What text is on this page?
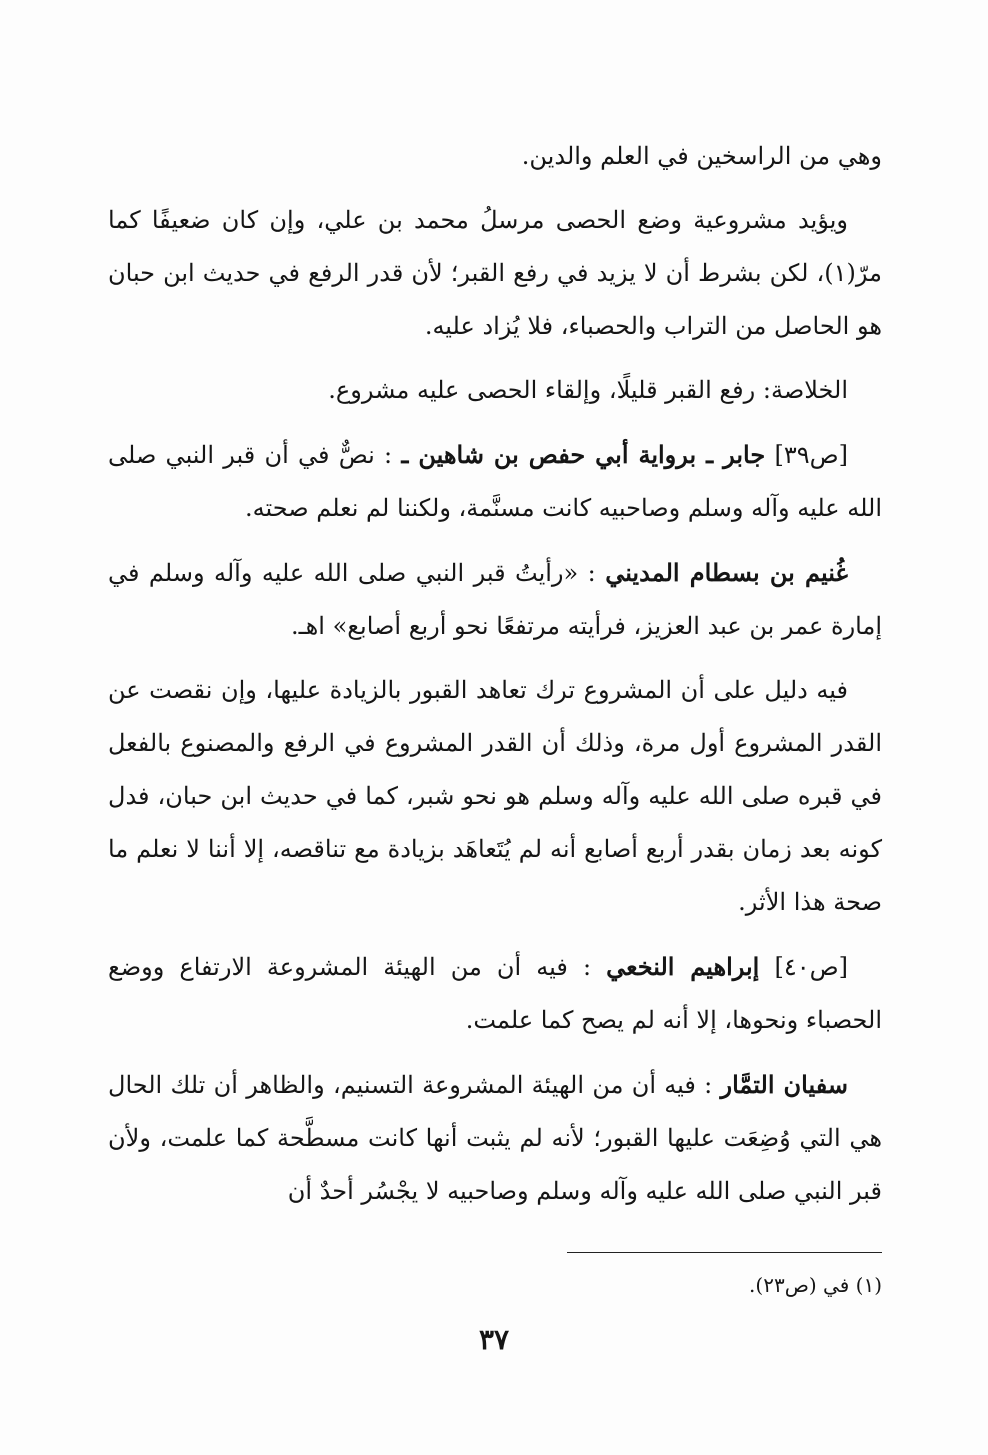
وهي من الراسخين في العلم والدين.

ويؤيد مشروعية وضع الحصى مرسلُ محمد بن علي، وإن كان ضعيفًا كما مرّ(١)، لكن بشرط أن لا يزيد في رفع القبر؛ لأن قدر الرفع في حديث ابن حبان هو الحاصل من التراب والحصباء، فلا يُزاد عليه.

الخلاصة: رفع القبر قليلًا، وإلقاء الحصى عليه مشروع.

[ص٣٩] جابر ـ برواية أبي حفص بن شاهين ـ : نصٌّ في أن قبر النبي صلى الله عليه وآله وسلم وصاحبيه كانت مسنَّمة، ولكننا لم نعلم صحته.

غُنيم بن بسطام المديني : «رأيتُ قبر النبي صلى الله عليه وآله وسلم في إمارة عمر بن عبد العزيز، فرأيته مرتفعًا نحو أربع أصابع» اهـ.

فيه دليل على أن المشروع ترك تعاهد القبور بالزيادة عليها، وإن نقصت عن القدر المشروع أول مرة، وذلك أن القدر المشروع في الرفع والمصنوع بالفعل في قبره صلى الله عليه وآله وسلم هو نحو شبر، كما في حديث ابن حبان، فدل كونه بعد زمان بقدر أربع أصابع أنه لم يُتَعاهَد بزيادة مع تناقصه، إلا أننا لا نعلم ما صحة هذا الأثر.

[ص٤٠] إبراهيم النخعي : فيه أن من الهيئة المشروعة الارتفاع ووضع الحصباء ونحوها، إلا أنه لم يصح كما علمت.

سفيان التمَّار : فيه أن من الهيئة المشروعة التسنيم، والظاهر أن تلك الحال هي التي وُضِعَت عليها القبور؛ لأنه لم يثبت أنها كانت مسطَّحة كما علمت، ولأن قبر النبي صلى الله عليه وآله وسلم وصاحبيه لا يجْسُر أحدٌ أن

(١) في (ص٢٣).
٣٧
